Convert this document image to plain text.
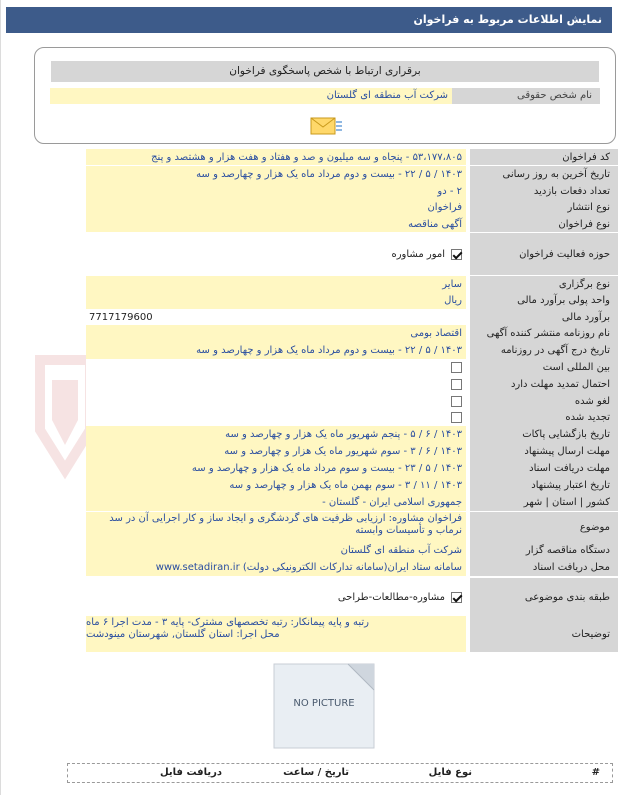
نمایش اطلاعات مربوط به فراخوان
برقراری ارتباط با شخص پاسخگوی فراخوان
نام شخص حقوقی
شرکت آب منطقه ای گلستان
کد فراخوان
۵۳،۱۷۷،۸۰۵ - پنجاه و سه میلیون و صد و هفتاد و هفت هزار و هشتصد و پنج
تاریخ آخرین به روز رسانی
۱۴۰۳ / ۵ / ۲۲ - بیست و دوم مرداد ماه یک هزار و چهارصد و سه
تعداد دفعات بازدید
۲ - دو
نوع انتشار
فراخوان
نوع فراخوان
آگهی مناقصه
حوزه فعالیت فراخوان
امور مشاوره
نوع برگزاری
سایر
واحد پولی برآورد مالی
ریال
برآورد مالی
7717179600
نام روزنامه منتشر کننده آگهی
اقتصاد بومی
تاریخ درج آگهی در روزنامه
۱۴۰۳ / ۵ / ۲۲ - بیست و دوم مرداد ماه یک هزار و چهارصد و سه
بین المللی است
احتمال تمدید مهلت دارد
لغو شده
تجدید شده
تاریخ بازگشایی پاکات
۱۴۰۳ / ۶ / ۵ - پنجم شهریور ماه یک هزار و چهارصد و سه
مهلت ارسال پیشنهاد
۱۴۰۳ / ۶ / ۳ - سوم شهریور ماه یک هزار و چهارصد و سه
مهلت دریافت اسناد
۱۴۰۳ / ۵ / ۲۳ - بیست و سوم مرداد ماه یک هزار و چهارصد و سه
تاریخ اعتبار پیشنهاد
۱۴۰۳ / ۱۱ / ۳ - سوم بهمن ماه یک هزار و چهارصد و سه
کشور | استان | شهر
جمهوری اسلامی ایران - گلستان -
موضوع
فراخوان مشاوره: ارزیابی ظرفیت های گردشگری و ایجاد ساز و کار اجرایی آن در سد نرماب و تأسیسات وابسته
دستگاه مناقصه گزار
شرکت آب منطقه ای گلستان
محل دریافت اسناد
سامانه ستاد ایران(سامانه تدارکات الکترونیکی دولت) www.setadiran.ir
طبقه بندی موضوعی
مشاوره-مطالعات-طراحی
توضیحات
رتبه و پایه پیمانکار: رتبه تخصصهای مشترک- پایه ۳ - مدت اجرا ۶ ماه
محل اجرا: استان گلستان, شهرستان مینودشت
NO PICTURE
#
نوع فایل
تاریخ / ساعت
دریافت فایل
